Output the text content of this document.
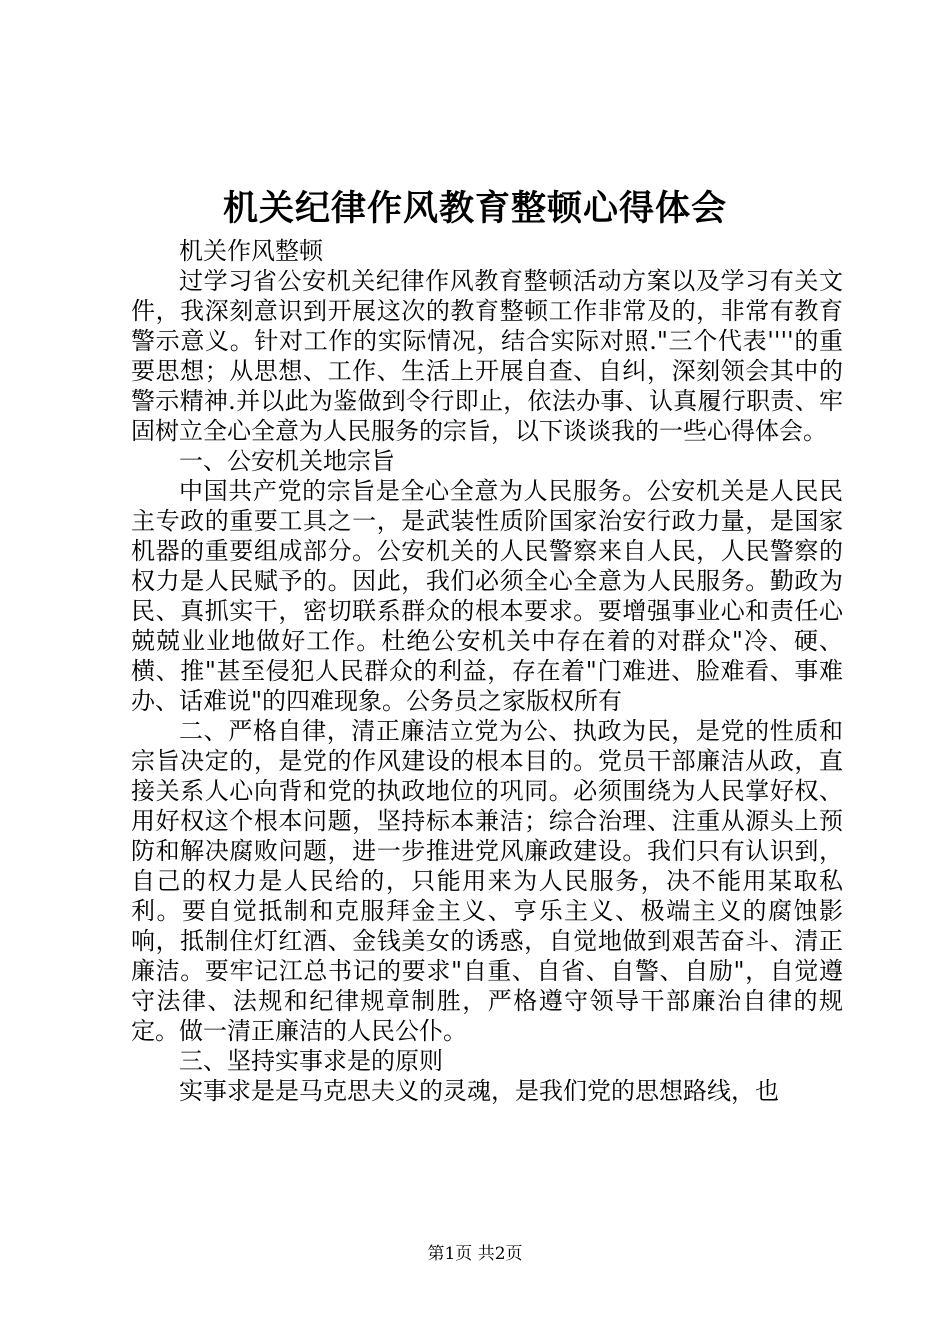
机关纪律作风教育整顿心得体会

机关作风整顿

过学习省公安机关纪律作风教育整顿活动方案以及学习有关文件，我深刻意识到开展这次的教育整顿工作非常及的，非常有教育警示意义。针对工作的实际情况，结合实际对照."三个代表''''的重要思想；从思想、工作、生活上开展自查、自纠，深刻领会其中的警示精神.并以此为鉴做到令行即止，依法办事、认真履行职责、牢固树立全心全意为人民服务的宗旨，以下谈谈我的一些心得体会。

一、公安机关地宗旨

中国共产党的宗旨是全心全意为人民服务。公安机关是人民民主专政的重要工具之一，是武装性质阶国家治安行政力量，是国家机器的重要组成部分。公安机关的人民警察来自人民，人民警察的权力是人民赋予的。因此，我们必须全心全意为人民服务。勤政为民、真抓实干，密切联系群众的根本要求。要增强事业心和责任心兢兢业业地做好工作。杜绝公安机关中存在着的对群众"冷、硬、横、推"甚至侵犯人民群众的利益，存在着"门难进、脸难看、事难办、话难说"的四难现象。公务员之家版权所有

二、严格自律，清正廉洁立党为公、执政为民，是党的性质和宗旨决定的，是党的作风建设的根本目的。党员干部廉洁从政，直接关系人心向背和党的执政地位的巩同。必须围绕为人民掌好权、用好权这个根本问题，坚持标本兼洁；综合治理、注重从源头上预防和解决腐败问题，进一步推进党风廉政建设。我们只有认识到，自己的权力是人民给的，只能用来为人民服务，决不能用某取私利。要自觉抵制和克服拜金主义、亨乐主义、极端主义的腐蚀影响，抵制住灯红酒、金钱美女的诱惑，自觉地做到艰苦奋斗、清正廉洁。要牢记江总书记的要求"自重、自省、自警、自励"，自觉遵守法律、法规和纪律规章制胜，严格遵守领导干部廉治自律的规定。做一清正廉洁的人民公仆。

三、坚持实事求是的原则

实事求是是马克思夫义的灵魂，是我们党的思想路线，也

第1页 共2页
